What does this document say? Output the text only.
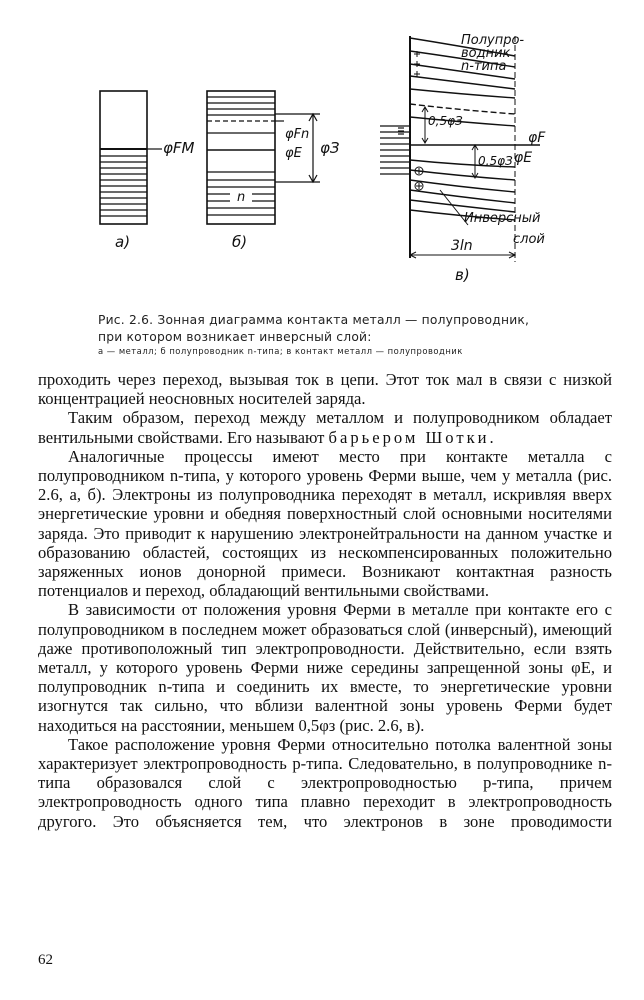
φFM
a)
n
φFn
φE φЗ
б)
Полупро-
водник
n-типа
0,5φЗ
0,5φЗ
φF
φE
Инверсный
слой
3ln
в)
Рис. 2.6. Зонная диаграмма контакта металл — полупроводник,
при котором возникает инверсный слой:
а — металл; б полупроводник n-типа; в контакт металл — полупроводник

проходить через переход, вызывая ток в цепи. Этот ток мал в связи с низкой концентрацией неосновных носителей заряда.

Таким образом, переход между металлом и полупроводником обладает вентильными свойствами. Его называют барьером Шотки.

Аналогичные процессы имеют место при контакте металла с полупроводником n-типа, у которого уровень Ферми выше, чем у металла (рис. 2.6, а, б). Электроны из полупроводника переходят в металл, искривляя вверх энергетические уровни и обедняя поверхностный слой основными носителями заряда. Это приводит к нарушению электронейтральности на данном участке и образованию областей, состоящих из нескомпенсированных положительно заряженных ионов донорной примеси. Возникают контактная разность потенциалов и переход, обладающий вентильными свойствами.

В зависимости от положения уровня Ферми в металле при контакте его с полупроводником в последнем может образоваться слой (инверсный), имеющий даже противоположный тип электропроводности. Действительно, если взять металл, у которого уровень Ферми ниже середины запрещенной зоны φE, и полупроводник n-типа и соединить их вместе, то энергетические уровни изогнутся так сильно, что вблизи валентной зоны уровень Ферми будет находиться на расстоянии, меньшем 0,5φз (рис. 2.6, в).

Такое расположение уровня Ферми относительно потолка валентной зоны характеризует электропроводность p-типа. Следовательно, в полупроводнике n-типа образовался слой с электропроводностью p-типа, причем электропроводность одного типа плавно переходит в электропроводность другого. Это объясняется тем, что электронов в зоне проводимости

62
